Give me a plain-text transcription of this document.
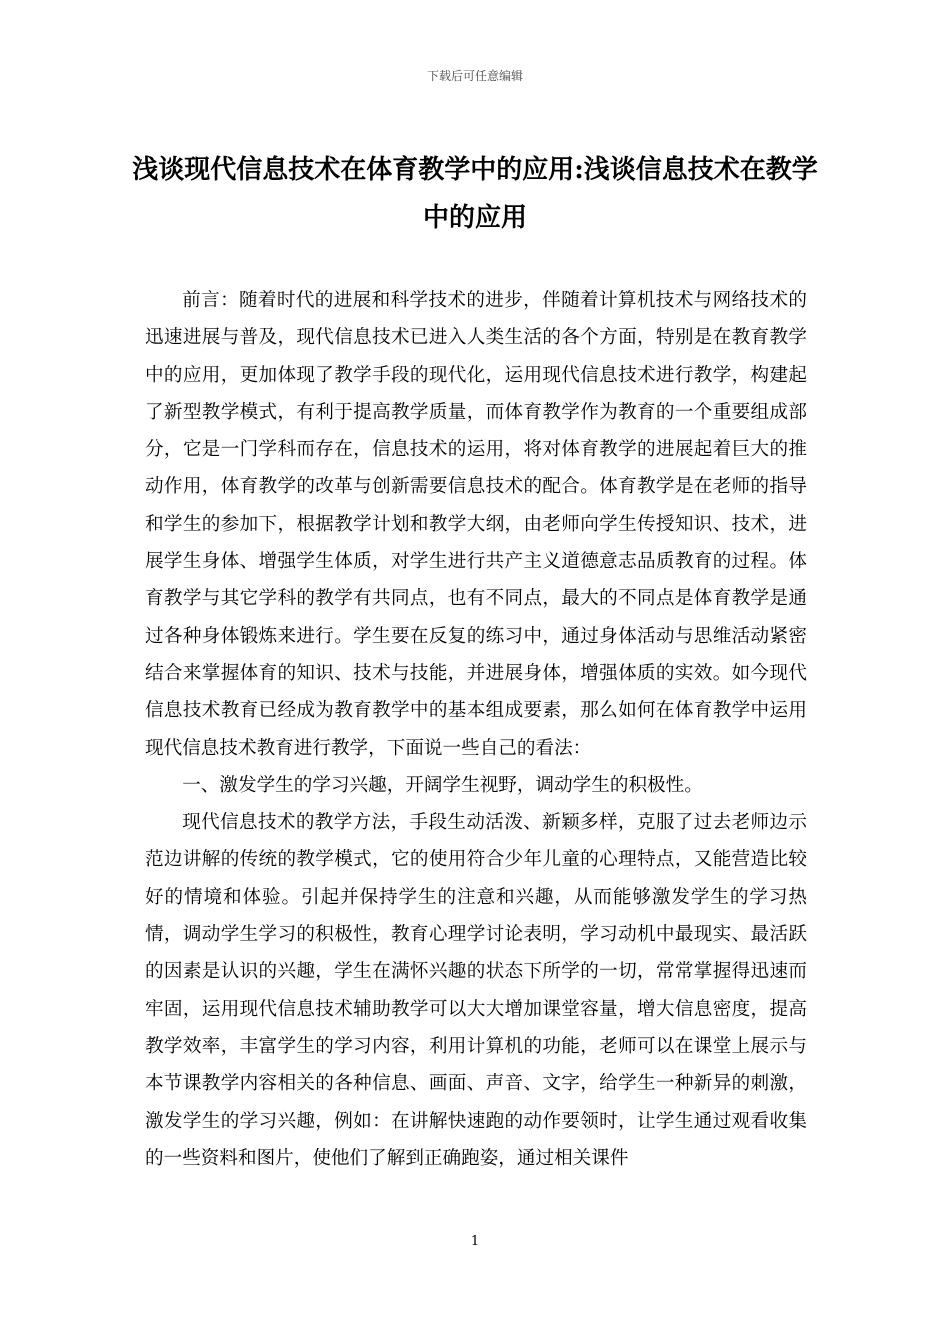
下载后可任意编辑
浅谈现代信息技术在体育教学中的应用:浅谈信息技术在教学中的应用

前言：随着时代的进展和科学技术的进步，伴随着计算机技术与网络技术的迅速进展与普及，现代信息技术已进入人类生活的各个方面，特别是在教育教学中的应用，更加体现了教学手段的现代化，运用现代信息技术进行教学，构建起了新型教学模式，有利于提高教学质量，而体育教学作为教育的一个重要组成部分，它是一门学科而存在，信息技术的运用，将对体育教学的进展起着巨大的推动作用，体育教学的改革与创新需要信息技术的配合。体育教学是在老师的指导和学生的参加下，根据教学计划和教学大纲，由老师向学生传授知识、技术，进展学生身体、增强学生体质，对学生进行共产主义道德意志品质教育的过程。体育教学与其它学科的教学有共同点，也有不同点，最大的不同点是体育教学是通过各种身体锻炼来进行。学生要在反复的练习中，通过身体活动与思维活动紧密结合来掌握体育的知识、技术与技能，并进展身体，增强体质的实效。如今现代信息技术教育已经成为教育教学中的基本组成要素，那么如何在体育教学中运用现代信息技术教育进行教学，下面说一些自己的看法：

一、激发学生的学习兴趣，开阔学生视野，调动学生的积极性。

现代信息技术的教学方法，手段生动活泼、新颖多样，克服了过去老师边示范边讲解的传统的教学模式，它的使用符合少年儿童的心理特点，又能营造比较好的情境和体验。引起并保持学生的注意和兴趣，从而能够激发学生的学习热情，调动学生学习的积极性，教育心理学讨论表明，学习动机中最现实、最活跃的因素是认识的兴趣，学生在满怀兴趣的状态下所学的一切，常常掌握得迅速而牢固，运用现代信息技术辅助教学可以大大增加课堂容量，增大信息密度，提高教学效率，丰富学生的学习内容，利用计算机的功能，老师可以在课堂上展示与本节课教学内容相关的各种信息、画面、声音、文字，给学生一种新异的刺激，激发学生的学习兴趣，例如：在讲解快速跑的动作要领时，让学生通过观看收集的一些资料和图片，使他们了解到正确跑姿，通过相关课件

1
